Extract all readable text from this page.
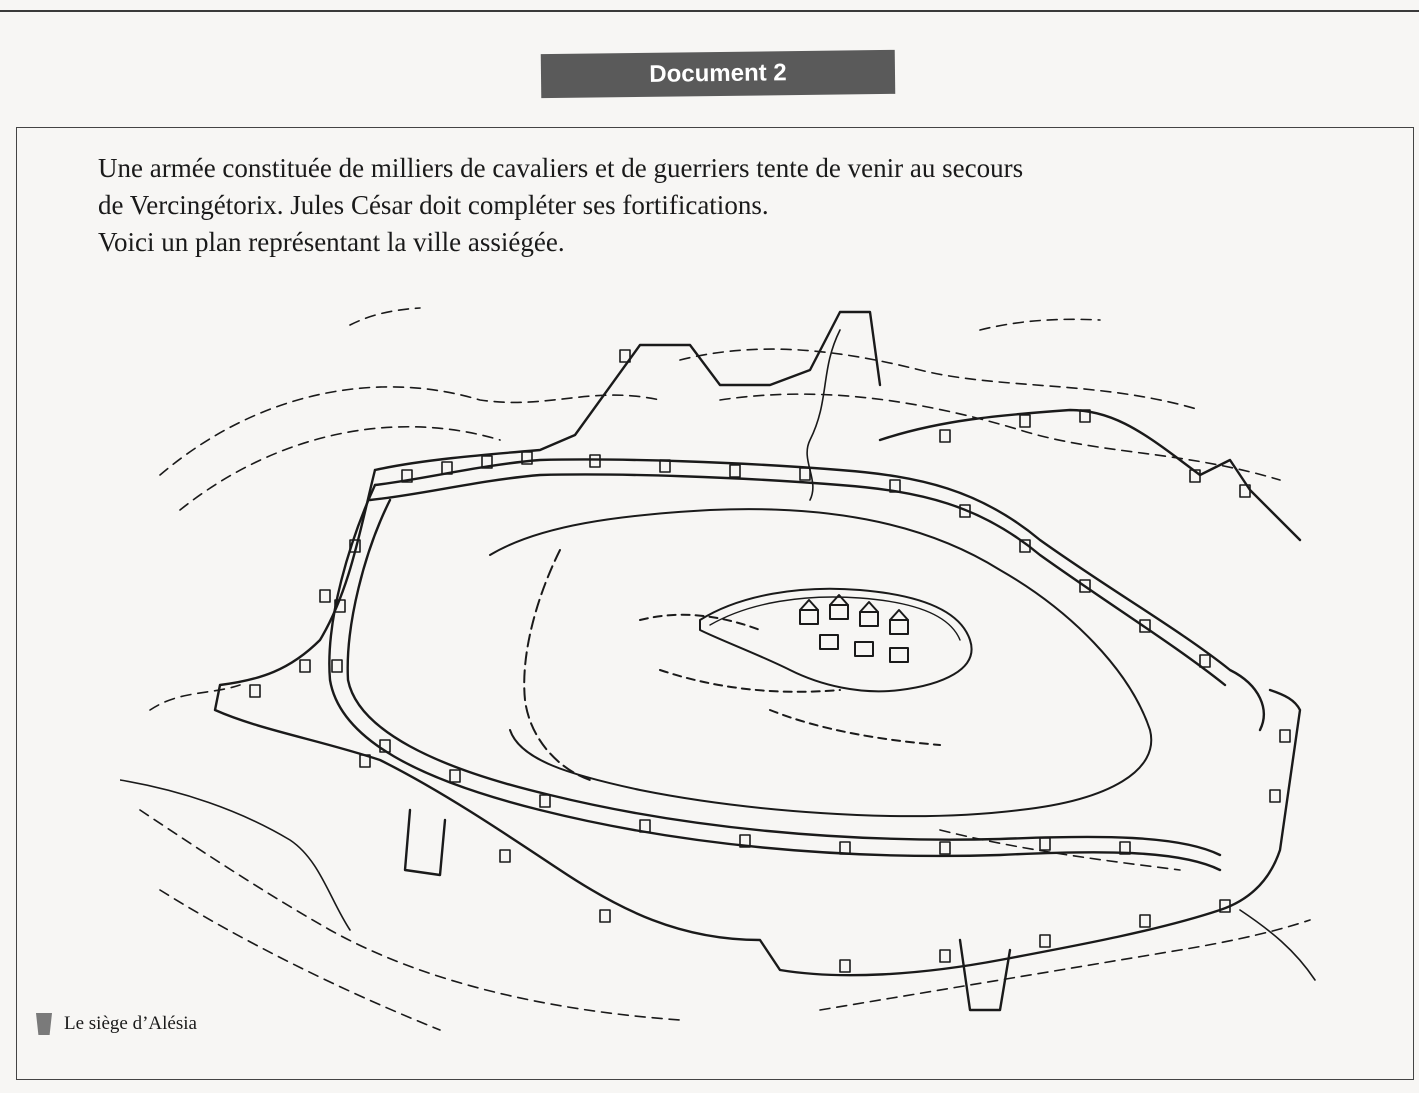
Document 2

Une armée constituée de milliers de cavaliers et de guerriers tente de venir au secours

de Vercingétorix. Jules César doit compléter ses fortifications.

Voici un plan représentant la ville assiégée.

Le siège d’Alésia
